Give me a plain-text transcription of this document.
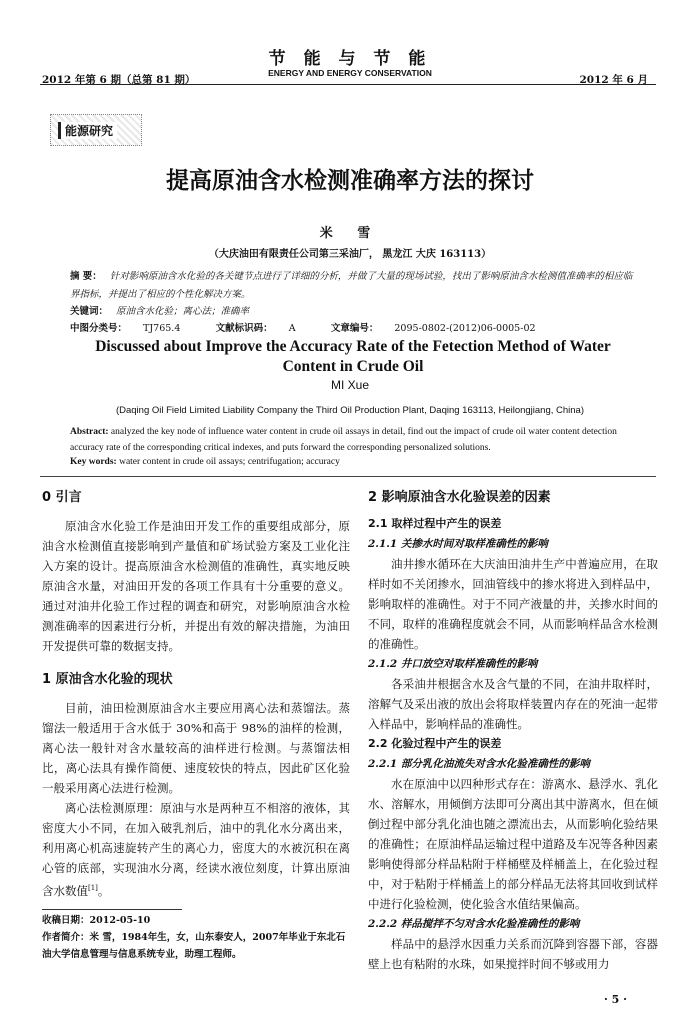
2012 年第 6 期（总第 81 期）
节 能 与 节 能
ENERGY AND ENERGY CONSERVATION
2012 年 6 月
能源研究
提高原油含水检测准确率方法的探讨
米 雪
（大庆油田有限责任公司第三采油厂， 黑龙江 大庆 163113）
摘 要： 针对影响原油含水化验的各关键节点进行了详细的分析，并做了大量的现场试验，找出了影响原油含水检测值准确率的相应临界指标，并提出了相应的个性化解决方案。
关键词： 原油含水化验；离心法；准确率
中图分类号： TJ765.4	文献标识码： A	文章编号： 2095-0802-(2012)06-0005-02
Discussed about Improve the Accuracy Rate of the Fetection Method of Water Content in Crude Oil
MI Xue
(Daqing Oil Field Limited Liability Company the Third Oil Production Plant, Daqing 163113, Heilongjiang, China)
Abstract: analyzed the key node of influence water content in crude oil assays in detail, find out the impact of crude oil water content detection accuracy rate of the corresponding critical indexes, and puts forward the corresponding personalized solutions.
Key words: water content in crude oil assays; centrifugation; accuracy
0 引言

原油含水化验工作是油田开发工作的重要组成部分，原油含水检测值直接影响到产量值和矿场试验方案及工业化注入方案的设计。提高原油含水检测值的准确性，真实地反映原油含水量，对油田开发的各项工作具有十分重要的意义。通过对油井化验工作过程的调查和研究，对影响原油含水检测准确率的因素进行分析，并提出有效的解决措施，为油田开发提供可靠的数据支持。

1 原油含水化验的现状

目前，油田检测原油含水主要应用离心法和蒸馏法。蒸馏法一般适用于含水低于 30%和高于 98%的油样的检测，离心法一般针对含水量较高的油样进行检测。与蒸馏法相比，离心法具有操作简便、速度较快的特点，因此矿区化验一般采用离心法进行检测。

离心法检测原理：原油与水是两种互不相溶的液体，其密度大小不同，在加入破乳剂后，油中的乳化水分离出来，利用离心机高速旋转产生的离心力，密度大的水被沉积在离心管的底部，实现油水分离，经读水液位刻度，计算出原油含水数值[1]。

2 影响原油含水化验误差的因素
2.1 取样过程中产生的误差
2.1.1 关掺水时间对取样准确性的影响

油井掺水循环在大庆油田油井生产中普遍应用，在取样时如不关闭掺水，回油管线中的掺水将进入到样品中，影响取样的准确性。对于不同产液量的井，关掺水时间的不同，取样的准确程度就会不同，从而影响样品含水检测的准确性。

2.1.2 井口放空对取样准确性的影响

各采油井根据含水及含气量的不同，在油井取样时，溶解气及采出液的放出会将取样装置内存在的死油一起带入样品中，影响样品的准确性。

2.2 化验过程中产生的误差
2.2.1 部分乳化油流失对含水化验准确性的影响

水在原油中以四种形式存在：游离水、悬浮水、乳化水、溶解水，用倾倒方法即可分离出其中游离水，但在倾倒过程中部分乳化油也随之漂流出去，从而影响化验结果的准确性；在原油样品运输过程中道路及车况等各种因素影响使得部分样品粘附于样桶壁及样桶盖上，在化验过程中，对于粘附于样桶盖上的部分样品无法将其回收到试样中进行化验检测，使化验含水值结果偏高。

2.2.2 样品搅拌不匀对含水化验准确性的影响

样品中的悬浮水因重力关系而沉降到容器下部，容器壁上也有粘附的水珠，如果搅拌时间不够或用力

收稿日期：2012-05-10
作者简介：米 雪，1984年生，女，山东泰安人，2007年毕业于东北石油大学信息管理与信息系统专业，助理工程师。
· 5 ·
